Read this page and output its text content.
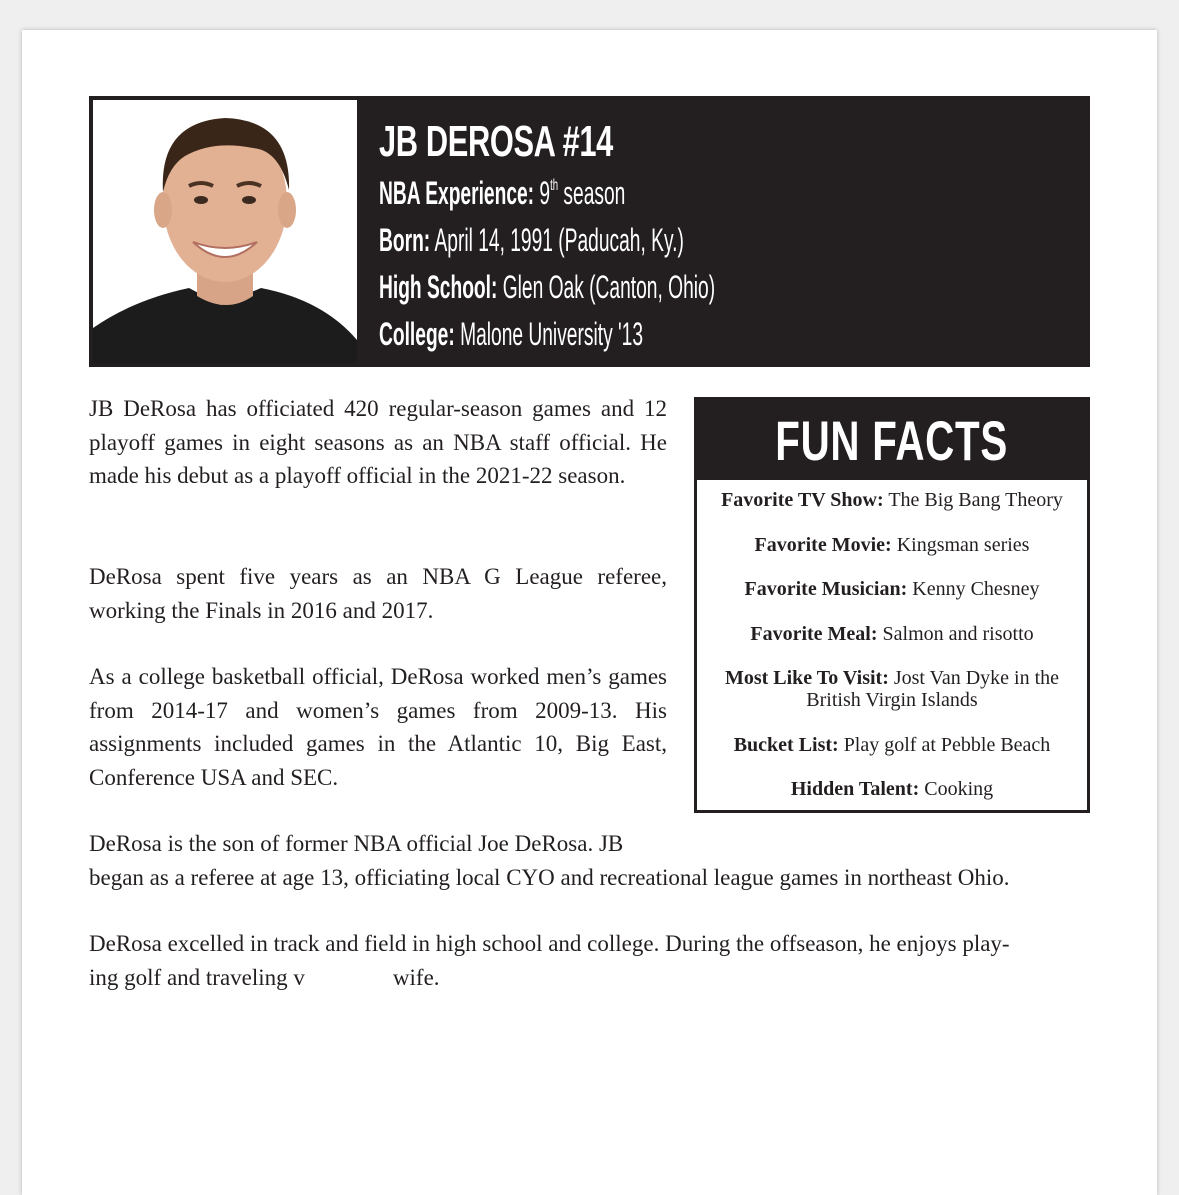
JB DEROSA #14
NBA Experience: 9th season
Born: April 14, 1991 (Paducah, Ky.)
High School: Glen Oak (Canton, Ohio)
College: Malone University '13
JB DeRosa has officiated 420 regular-season games and 12 playoff games in eight seasons as an NBA staff official. He made his debut as a playoff official in the 2021-22 season.
DeRosa spent five years as an NBA G League referee, working the Finals in 2016 and 2017.
As a college basketball official, DeRosa worked men’s games from 2014-17 and women’s games from 2009-13. His assignments included games in the Atlantic 10, Big East, Conference USA and SEC.
DeRosa is the son of former NBA official Joe DeRosa. JB
began as a referee at age 13, officiating local CYO and recreational league games in northeast Ohio.
DeRosa excelled in track and field in high school and college. During the offseason, he enjoys play-
ing golf and traveling v	wife.
FUN FACTS
Favorite TV Show: The Big Bang Theory
Favorite Movie: Kingsman series
Favorite Musician: Kenny Chesney
Favorite Meal: Salmon and risotto
Most Like To Visit: Jost Van Dyke in the British Virgin Islands
Bucket List: Play golf at Pebble Beach
Hidden Talent: Cooking
